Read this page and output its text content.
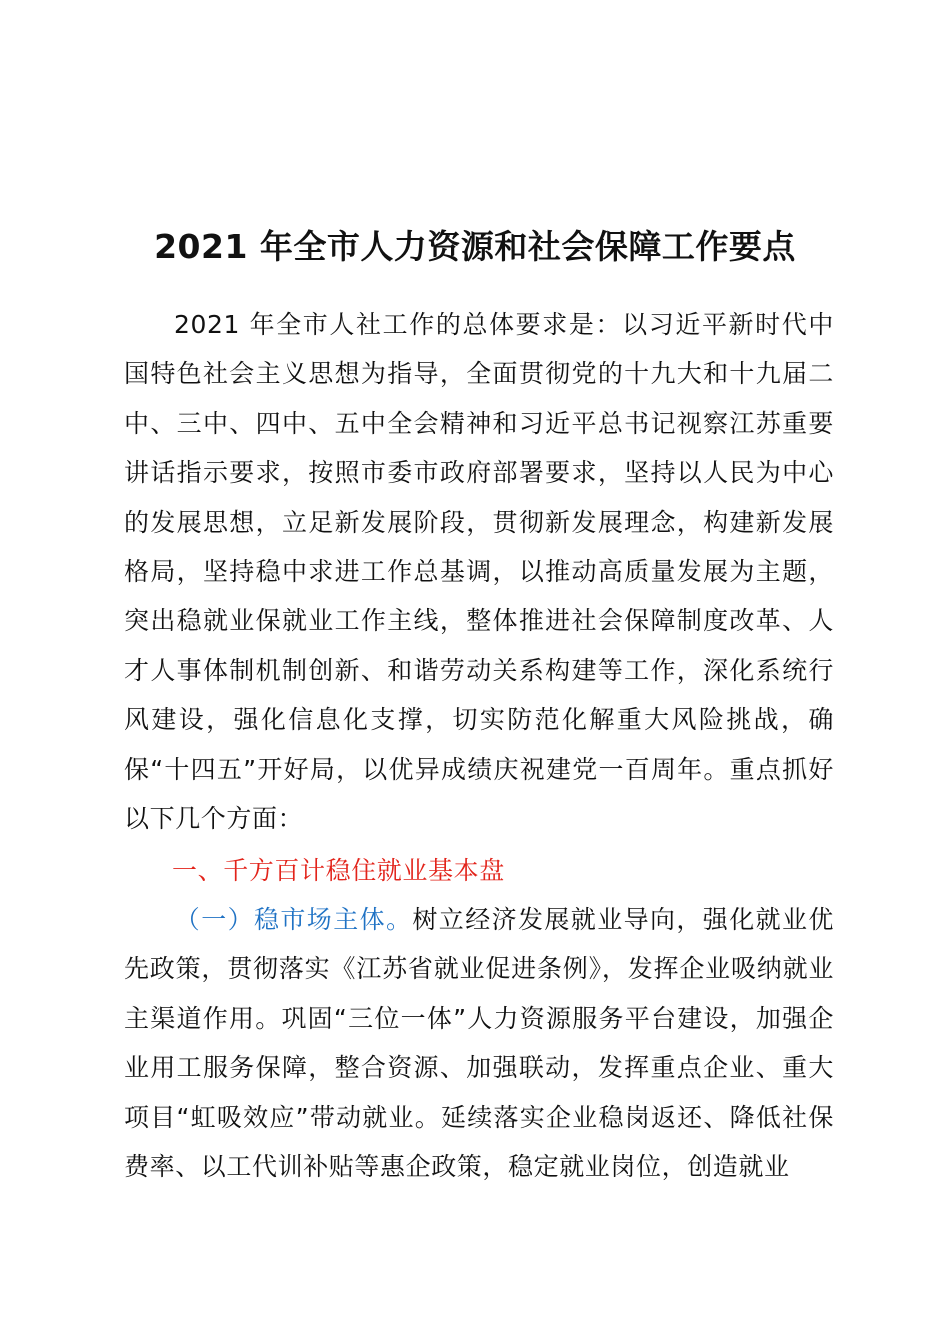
2021 年全市人力资源和社会保障工作要点

2021 年全市人社工作的总体要求是：以习近平新时代中国特色社会主义思想为指导，全面贯彻党的十九大和十九届二中、三中、四中、五中全会精神和习近平总书记视察江苏重要讲话指示要求，按照市委市政府部署要求，坚持以人民为中心的发展思想，立足新发展阶段，贯彻新发展理念，构建新发展格局，坚持稳中求进工作总基调，以推动高质量发展为主题，突出稳就业保就业工作主线，整体推进社会保障制度改革、人才人事体制机制创新、和谐劳动关系构建等工作，深化系统行风建设，强化信息化支撑，切实防范化解重大风险挑战，确保“十四五”开好局，以优异成绩庆祝建党一百周年。重点抓好以下几个方面：

一、千方百计稳住就业基本盘

（一）稳市场主体。树立经济发展就业导向，强化就业优先政策，贯彻落实《江苏省就业促进条例》，发挥企业吸纳就业主渠道作用。巩固“三位一体”人力资源服务平台建设，加强企业用工服务保障，整合资源、加强联动，发挥重点企业、重大项目“虹吸效应”带动就业。延续落实企业稳岗返还、降低社保费率、以工代训补贴等惠企政策，稳定就业岗位，创造就业
